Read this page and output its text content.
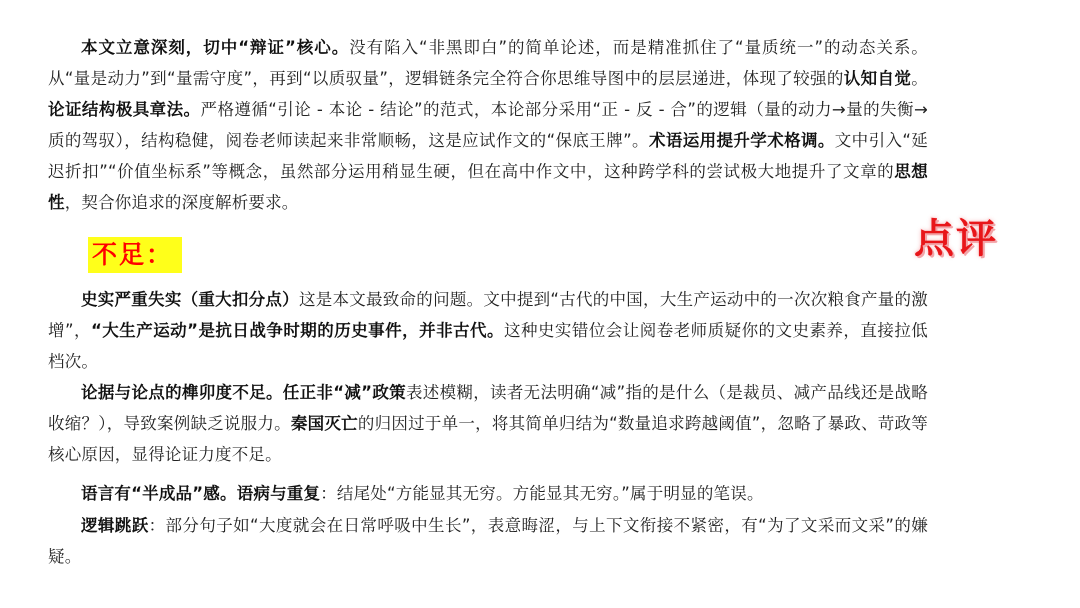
本文立意深刻，切中“辩证”核心。没有陷入“非黑即白”的简单论述，而是精准抓住了“量质统一”的动态关系。从“量是动力”到“量需守度”，再到“以质驭量”，逻辑链条完全符合你思维导图中的层层递进，体现了较强的认知自觉。论证结构极具章法。严格遵循“引论 - 本论 - 结论”的范式，本论部分采用“正 - 反 - 合”的逻辑（量的动力→量的失衡→质的驾驭），结构稳健，阅卷老师读起来非常顺畅，这是应试作文的“保底王牌”。术语运用提升学术格调。文中引入“延迟折扣”“价值坐标系”等概念，虽然部分运用稍显生硬，但在高中作文中，这种跨学科的尝试极大地提升了文章的思想性，契合你追求的深度解析要求。

点评
不足：

史实严重失实（重大扣分点）这是本文最致命的问题。文中提到“古代的中国，大生产运动中的一次次粮食产量的激增”，“大生产运动”是抗日战争时期的历史事件，并非古代。这种史实错位会让阅卷老师质疑你的文史素养，直接拉低档次。

论据与论点的榫卯度不足。任正非“减”政策表述模糊，读者无法明确“减”指的是什么（是裁员、减产品线还是战略收缩？），导致案例缺乏说服力。秦国灭亡的归因过于单一，将其简单归结为“数量追求跨越阈值”，忽略了暴政、苛政等核心原因，显得论证力度不足。

语言有“半成品”感。语病与重复：结尾处“方能显其无穷。方能显其无穷。”属于明显的笔误。

逻辑跳跃：部分句子如“大度就会在日常呼吸中生长”，表意晦涩，与上下文衔接不紧密，有“为了文采而文采”的嫌疑。
